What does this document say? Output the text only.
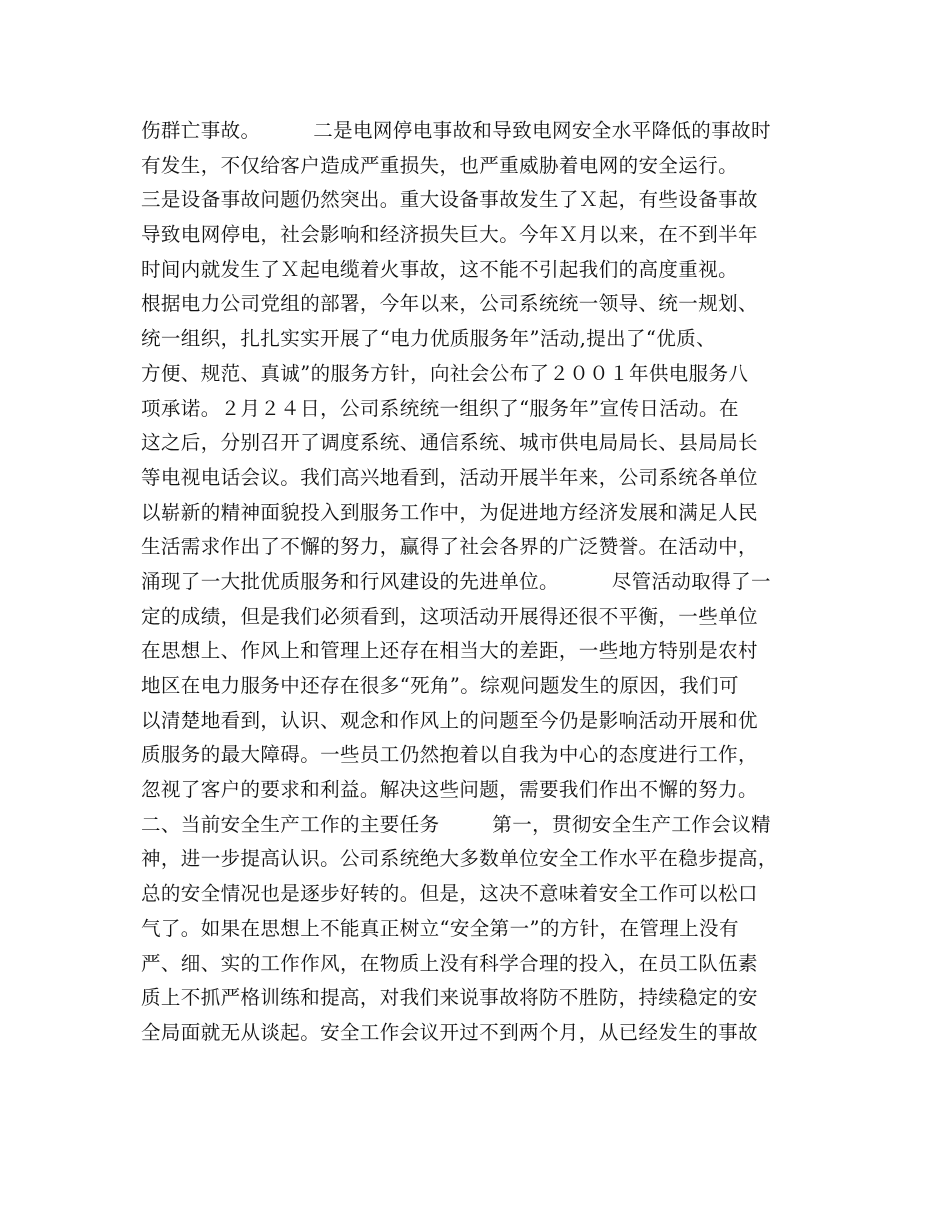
伤群亡事故。        二是电网停电事故和导致电网安全水平降低的事故时
有发生，不仅给客户造成严重损失，也严重威胁着电网的安全运行。
三是设备事故问题仍然突出。重大设备事故发生了Ｘ起，有些设备事故
导致电网停电，社会影响和经济损失巨大。今年Ｘ月以来，在不到半年
时间内就发生了Ｘ起电缆着火事故，这不能不引起我们的高度重视。
根据电力公司党组的部署，今年以来，公司系统统一领导、统一规划、
统一组织，扎扎实实开展了“电力优质服务年”活动,提出了“优质、
方便、规范、真诚”的服务方针，向社会公布了２００１年供电服务八
项承诺。２月２４日，公司系统统一组织了“服务年”宣传日活动。在
这之后，分别召开了调度系统、通信系统、城市供电局局长、县局局长
等电视电话会议。我们高兴地看到，活动开展半年来，公司系统各单位
以崭新的精神面貌投入到服务工作中，为促进地方经济发展和满足人民
生活需求作出了不懈的努力，赢得了社会各界的广泛赞誉。在活动中，
涌现了一大批优质服务和行风建设的先进单位。        尽管活动取得了一
定的成绩，但是我们必须看到，这项活动开展得还很不平衡，一些单位
在思想上、作风上和管理上还存在相当大的差距，一些地方特别是农村
地区在电力服务中还存在很多“死角”。综观问题发生的原因，我们可
以清楚地看到，认识、观念和作风上的问题至今仍是影响活动开展和优
质服务的最大障碍。一些员工仍然抱着以自我为中心的态度进行工作，
忽视了客户的要求和利益。解决这些问题，需要我们作出不懈的努力。
二、当前安全生产工作的主要任务        第一，贯彻安全生产工作会议精
神，进一步提高认识。公司系统绝大多数单位安全工作水平在稳步提高，
总的安全情况也是逐步好转的。但是，这决不意味着安全工作可以松口
气了。如果在思想上不能真正树立“安全第一”的方针，在管理上没有
严、细、实的工作作风，在物质上没有科学合理的投入，在员工队伍素
质上不抓严格训练和提高，对我们来说事故将防不胜防，持续稳定的安
全局面就无从谈起。安全工作会议开过不到两个月，从已经发生的事故
